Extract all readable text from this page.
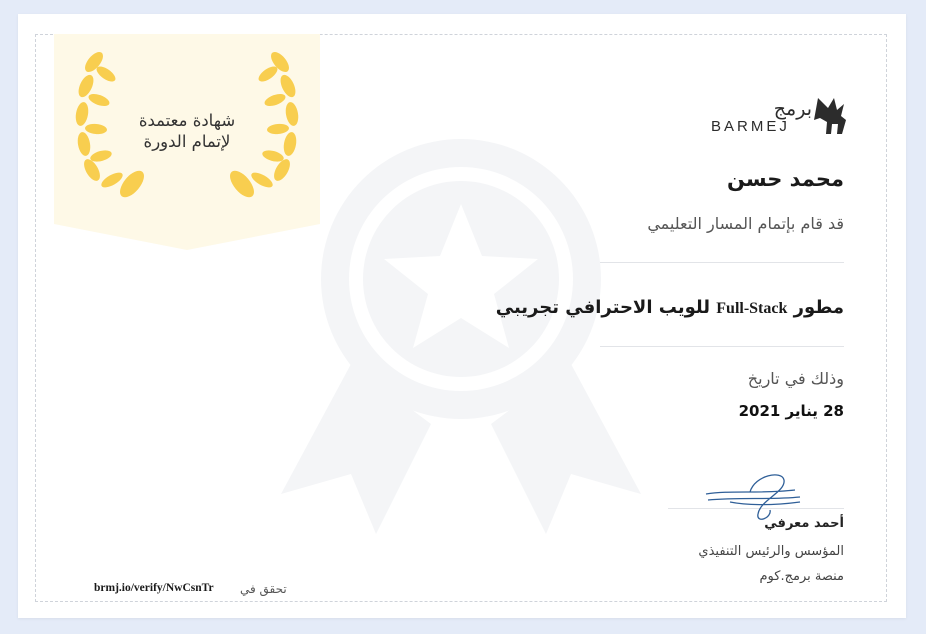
شهادة معتمدة
لإتمام الدورة
برمج
BARMEJ
محمد حسن
قد قام بإتمام المسار التعليمي
مطور Full-Stack للويب الاحترافي تجريبي
وذلك في تاريخ
28 يناير 2021
أحمد معرفي
المؤسس والرئيس التنفيذي
منصة برمج.كوم
تحقق في
brmj.io/verify/NwCsnTr
